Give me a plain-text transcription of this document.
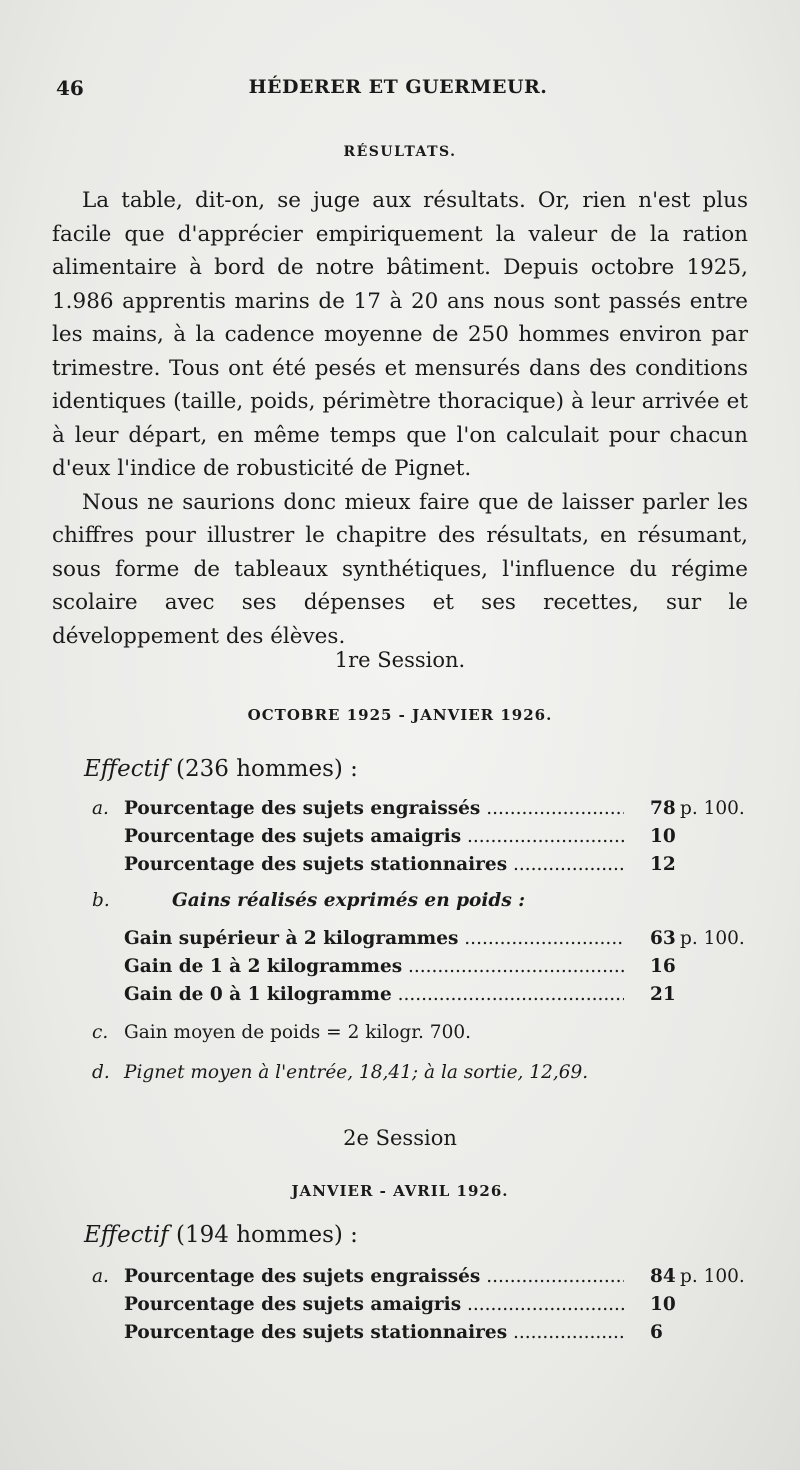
46	HÉDERER ET GUERMEUR.
RÉSULTATS.

La table, dit-on, se juge aux résultats. Or, rien n'est plus facile que d'apprécier empiriquement la valeur de la ration alimentaire à bord de notre bâtiment. Depuis octobre 1925, 1.986 apprentis marins de 17 à 20 ans nous sont passés entre les mains, à la cadence moyenne de 250 hommes environ par trimestre. Tous ont été pesés et mensurés dans des conditions identiques (taille, poids, périmètre thoracique) à leur arrivée et à leur départ, en même temps que l'on calculait pour chacun d'eux l'indice de robusticité de Pignet.

Nous ne saurions donc mieux faire que de laisser parler les chiffres pour illustrer le chapitre des résultats, en résumant, sous forme de tableaux synthétiques, l'influence du régime scolaire avec ses dépenses et ses recettes, sur le développement des élèves.

1re Session.
OCTOBRE 1925 - JANVIER 1926.
Effectif (236 hommes) :
a. Pourcentage des sujets engraissés .....	78 p. 100.
Pourcentage des sujets amaigris .....	10
Pourcentage des sujets stationnaires .....	12
b.	Gains réalisés exprimés en poids :
Gain supérieur à 2 kilogrammes .....	63 p. 100.
Gain de 1 à 2 kilogrammes .....	16
Gain de 0 à 1 kilogramme .....	21
c. Gain moyen de poids = 2 kilogr. 700.
d. Pignet moyen à l'entrée, 18,41; à la sortie, 12,69.
2e Session
JANVIER - AVRIL 1926.
Effectif (194 hommes) :
a. Pourcentage des sujets engraissés .....	84 p. 100.
Pourcentage des sujets amaigris .....	10
Pourcentage des sujets stationnaires .....	6
